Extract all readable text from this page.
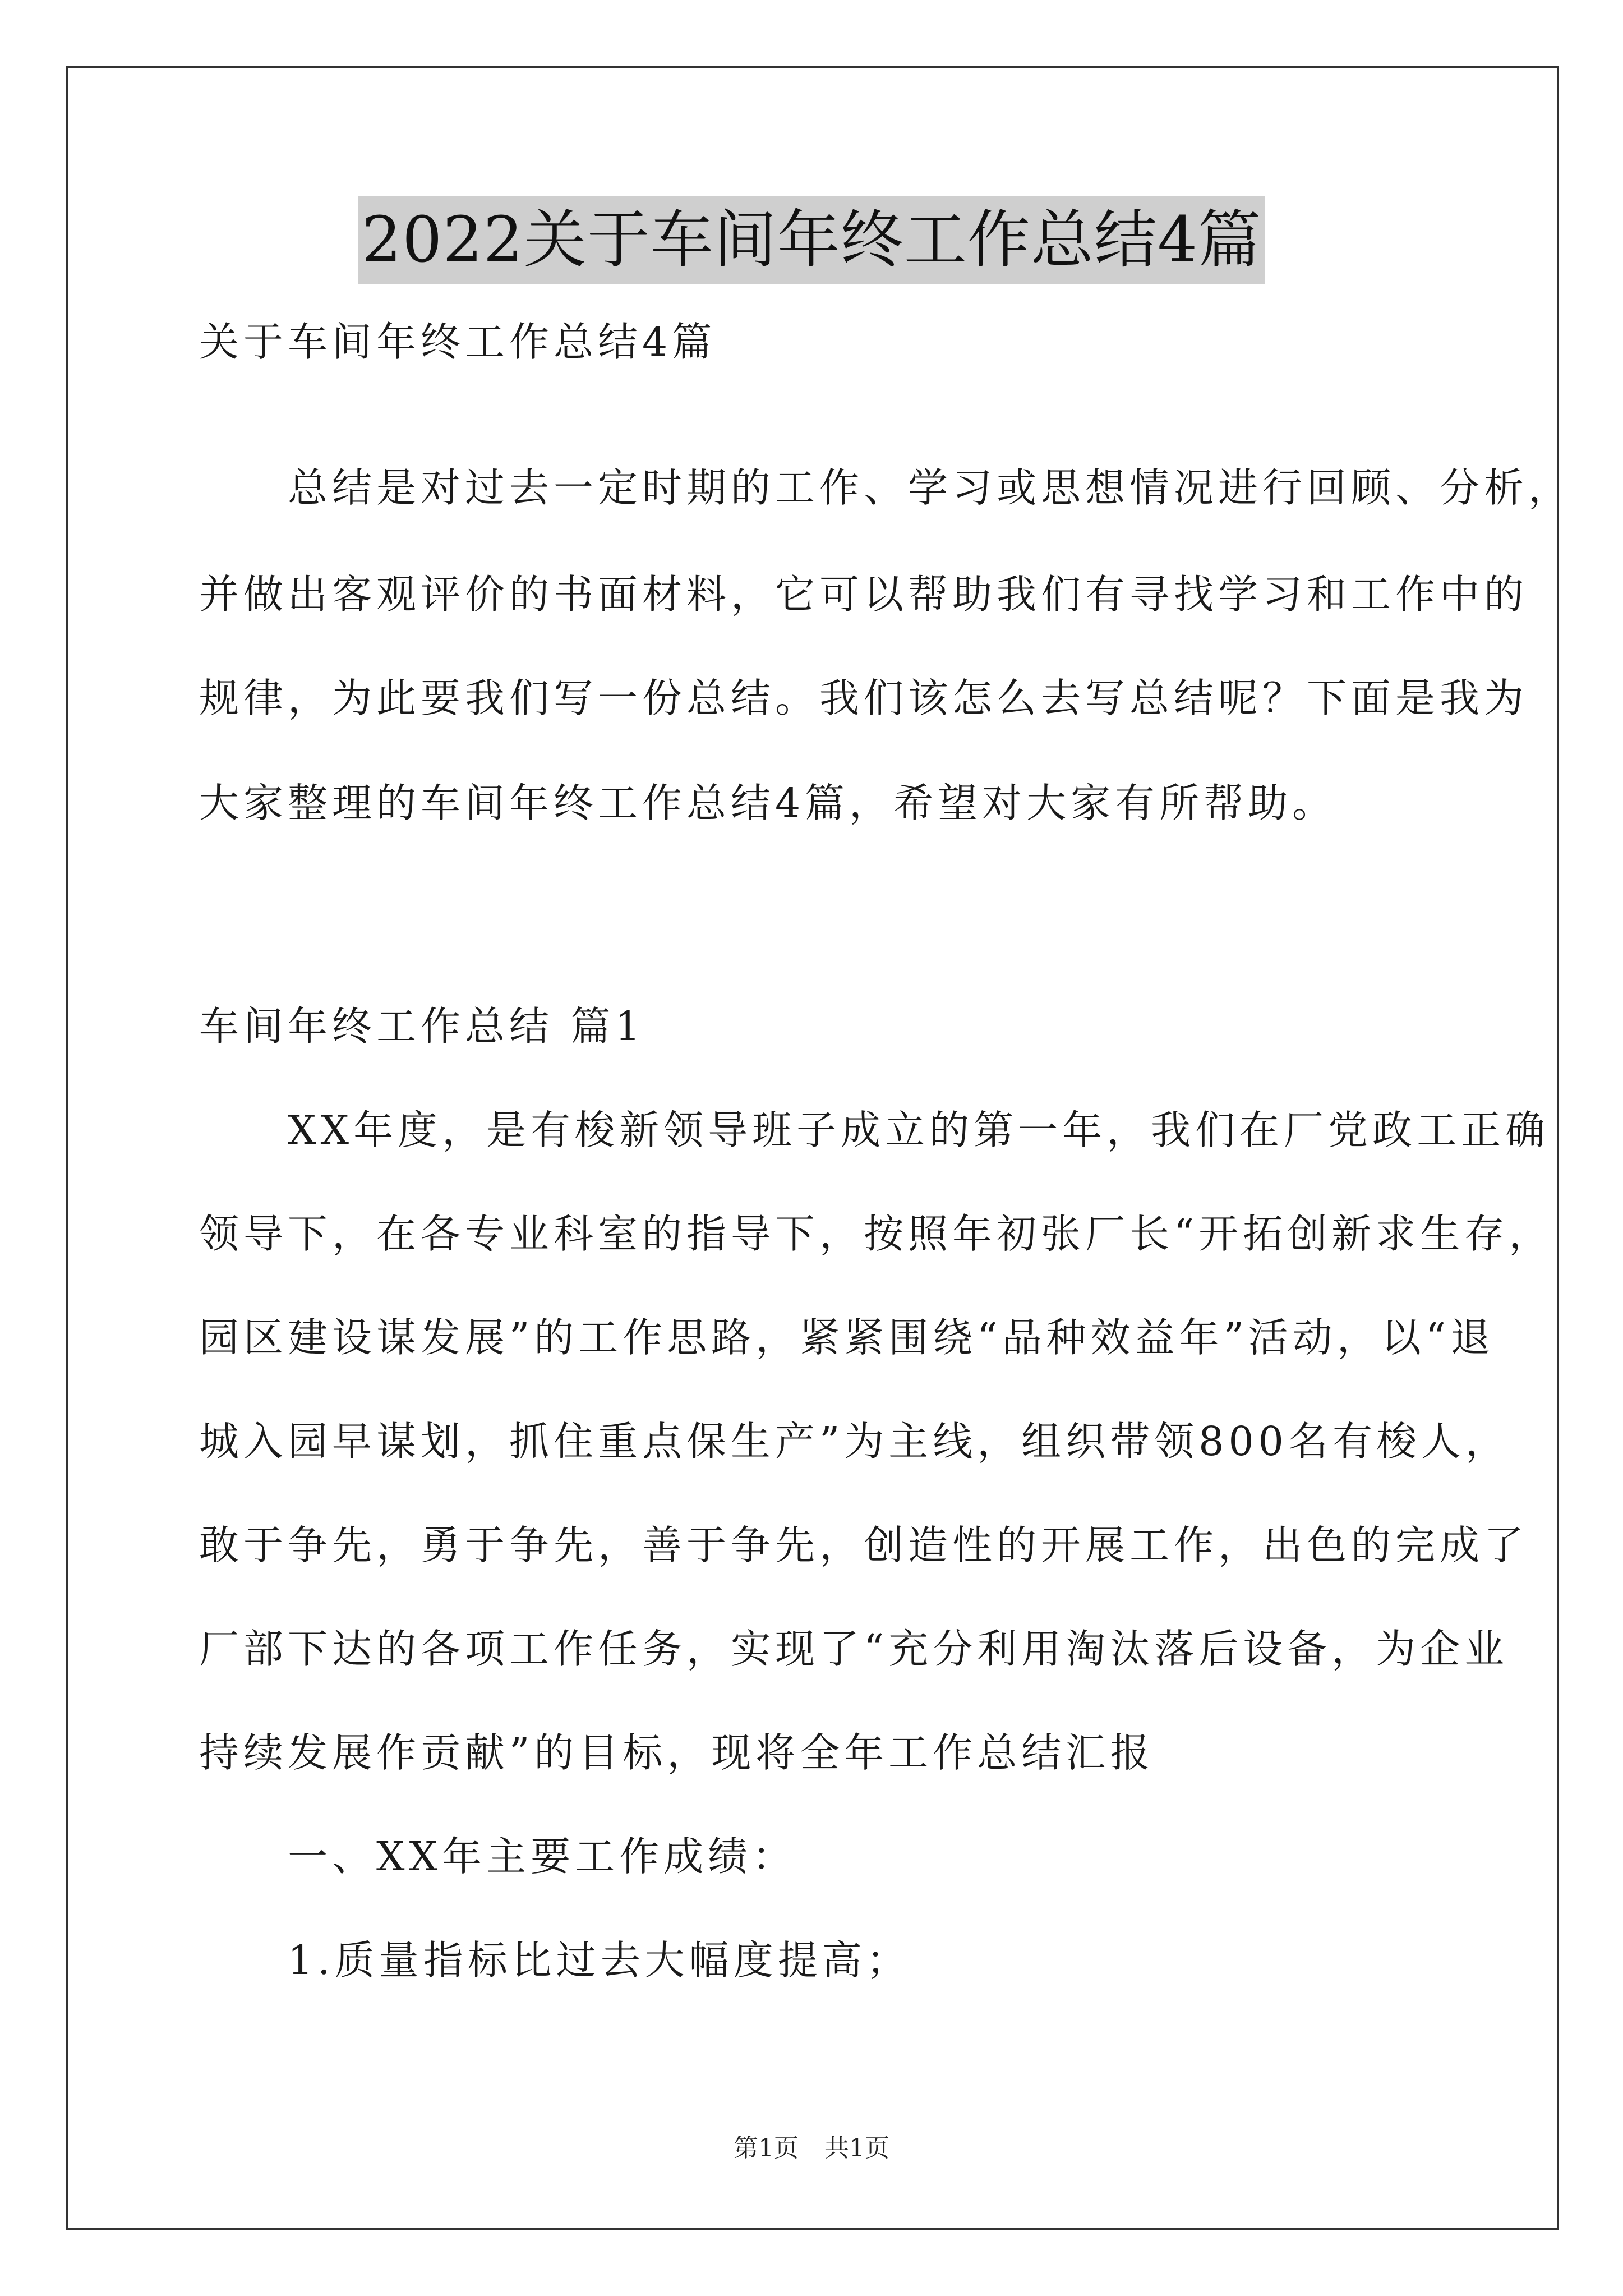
2022关于车间年终工作总结4篇
关于车间年终工作总结4篇
　　总结是对过去一定时期的工作、学习或思想情况进行回顾、分析，
并做出客观评价的书面材料，它可以帮助我们有寻找学习和工作中的
规律，为此要我们写一份总结。我们该怎么去写总结呢？下面是我为
大家整理的车间年终工作总结4篇，希望对大家有所帮助。
车间年终工作总结 篇1
　　XX年度，是有梭新领导班子成立的第一年，我们在厂党政工正确
领导下，在各专业科室的指导下，按照年初张厂长“开拓创新求生存，
园区建设谋发展”的工作思路，紧紧围绕“品种效益年”活动，以“退
城入园早谋划，抓住重点保生产”为主线，组织带领800名有梭人，
敢于争先，勇于争先，善于争先，创造性的开展工作，出色的完成了
厂部下达的各项工作任务，实现了“充分利用淘汰落后设备，为企业
持续发展作贡献”的目标，现将全年工作总结汇报
　　一、XX年主要工作成绩：
　　1.质量指标比过去大幅度提高；
第1页 共1页
